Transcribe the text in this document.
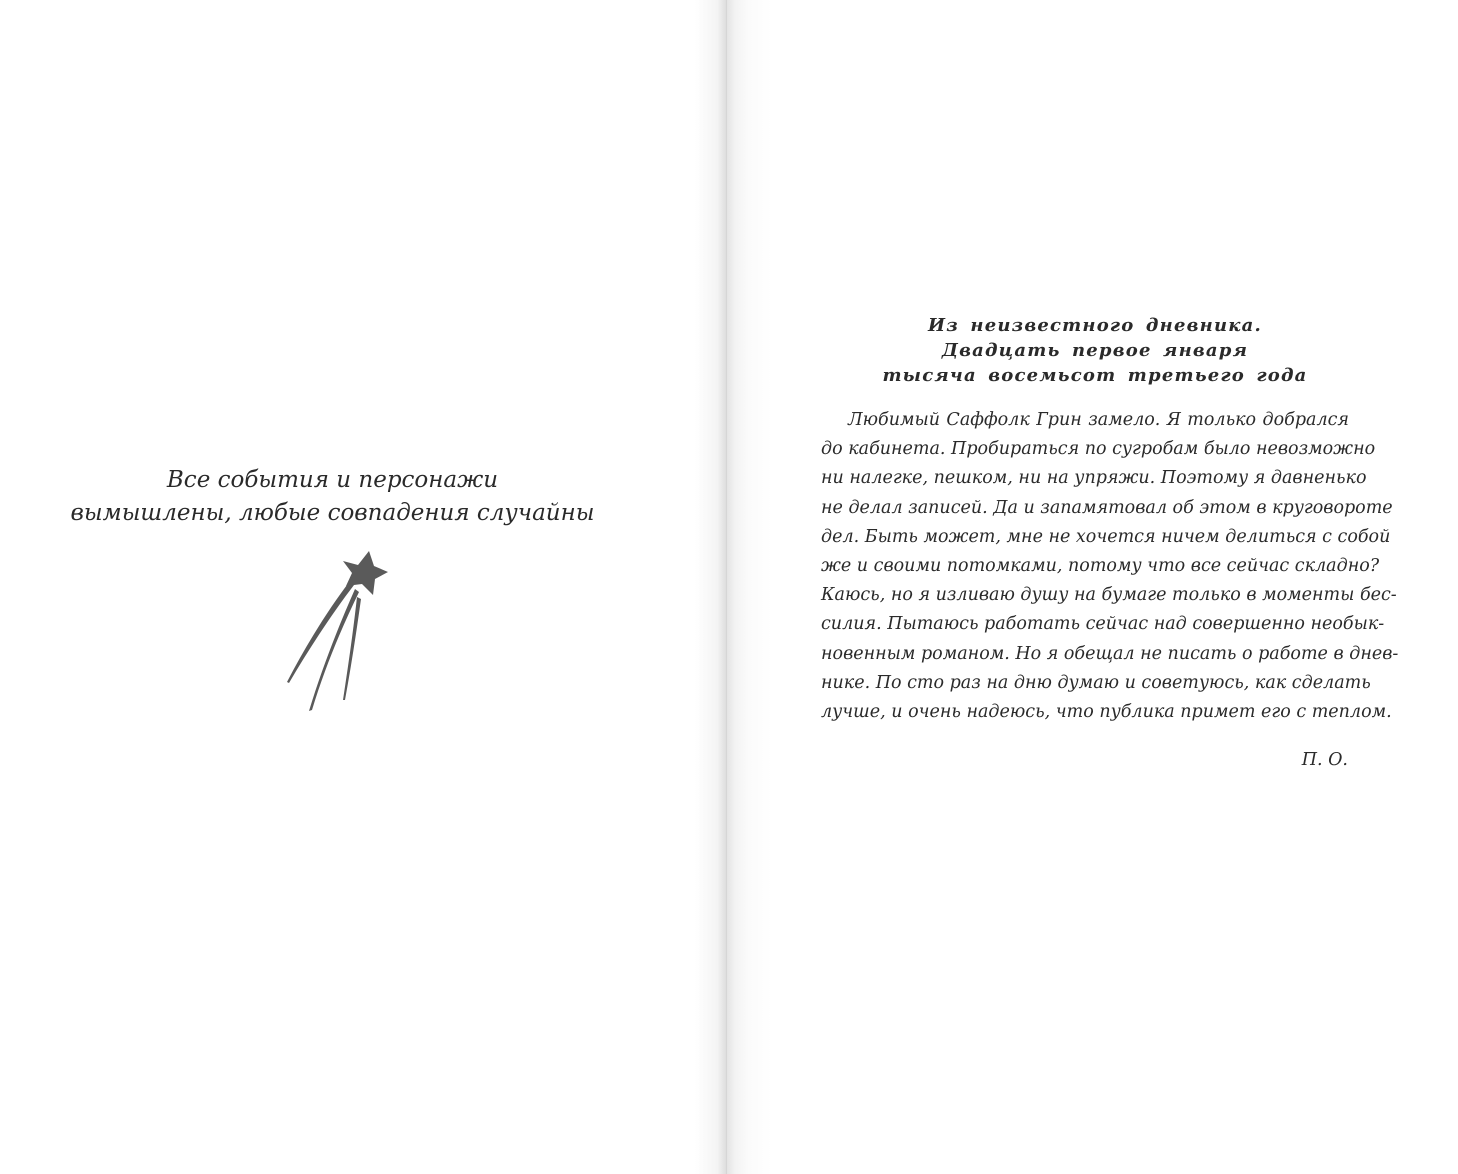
Все события и персонажи
вымышлены, любые совпадения случайны
Из неизвестного дневника.
Двадцать первое января
тысяча восемьсот третьего года
Любимый Саффолк Грин замело. Я только добрался
до кабинета. Пробираться по сугробам было невозможно
ни налегке, пешком, ни на упряжи. Поэтому я давненько
не делал записей. Да и запамятовал об этом в круговороте
дел. Быть может, мне не хочется ничем делиться с собой
же и своими потомками, потому что все сейчас складно?
Каюсь, но я изливаю душу на бумаге только в моменты бес-
силия. Пытаюсь работать сейчас над совершенно необык-
новенным романом. Но я обещал не писать о работе в днев-
нике. По сто раз на дню думаю и советуюсь, как сделать
лучше, и очень надеюсь, что публика примет его с теплом.
П. О.
